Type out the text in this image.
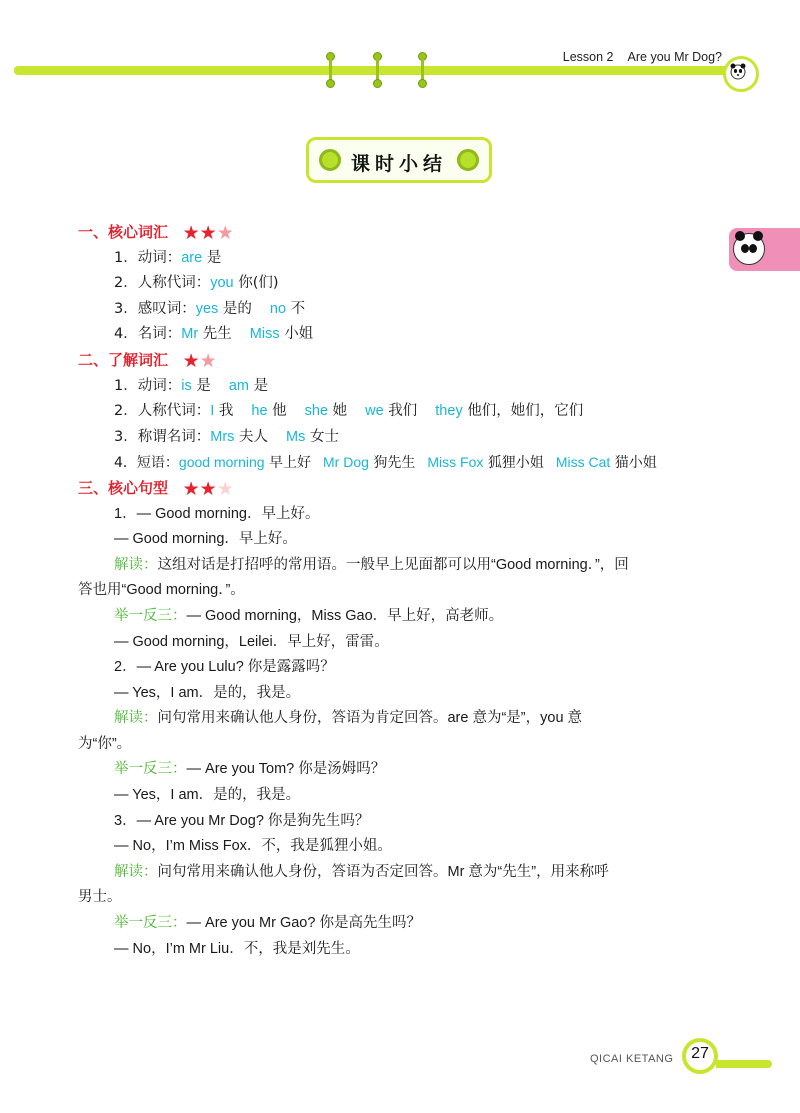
Lesson 2 Are you Mr Dog?
课时小结
一、核心词汇 ★★★
1．动词：are 是
2．人称代词：you 你(们)
3．感叹词：yes 是的 no 不
4．名词：Mr 先生 Miss 小姐
二、了解词汇 ★★
1．动词：is 是 am 是
2．人称代词：I 我 he 他 she 她 we 我们 they 他们，她们，它们
3．称谓名词：Mrs 夫人 Ms 女士
4．短语：good morning 早上好 Mr Dog 狗先生 Miss Fox 狐狸小姐 Miss Cat 猫小姐
三、核心句型 ★★★
1．— Good morning．早上好。
— Good morning．早上好。
解读：这组对话是打招呼的常用语。一般早上见面都可以用“Good morning．”，回
答也用“Good morning．”。
举一反三：— Good morning，Miss Gao．早上好，高老师。
— Good morning，Leilei．早上好，雷雷。
2．— Are you Lulu? 你是露露吗？
— Yes，I am．是的，我是。
解读：问句常用来确认他人身份，答语为肯定回答。are 意为“是”，you 意
为“你”。
举一反三：— Are you Tom? 你是汤姆吗？
— Yes，I am．是的，我是。
3．— Are you Mr Dog? 你是狗先生吗？
— No，I’m Miss Fox．不，我是狐狸小姐。
解读：问句常用来确认他人身份，答语为否定回答。Mr 意为“先生”，用来称呼
男士。
举一反三：— Are you Mr Gao? 你是高先生吗？
— No，I’m Mr Liu．不，我是刘先生。
QICAI KETANG	27
